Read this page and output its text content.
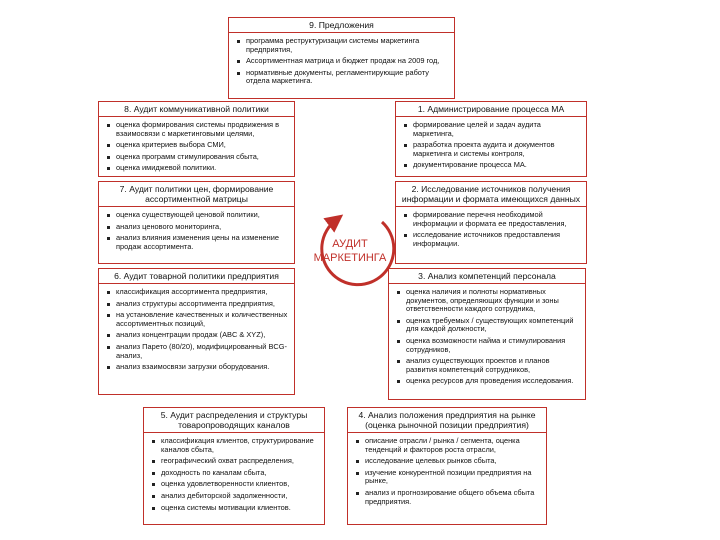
АУДИТ
МАРКЕТИНГА
9. Предложения
программа реструктуризации системы маркетинга предприятия,
Ассортиментная матрица и бюджет продаж на 2009 год,
нормативные документы, регламентирующие работу отдела маркетинга.
8. Аудит коммуникативной политики
оценка формирования системы продвижения в взаимосвязи с маркетинговыми целями,
оценка критериев выбора СМИ,
оценка программ стимулирования сбыта,
оценка имиджевой политики.
1. Администрирование процесса МА
формирование целей и задач аудита маркетинга,
разработка проекта аудита и документов маркетинга и системы контроля,
документирование процесса МА.
7. Аудит политики цен, формирование ассортиментной матрицы
оценка существующей ценовой политики,
анализ ценового мониторинга,
анализ влияния изменения цены на изменение продаж ассортимента.
2. Исследование источников получения информации и формата имеющихся данных
формирование перечня необходимой информации и формата ее предоставления,
исследование источников предоставления информации.
6. Аудит товарной политики предприятия
классификация ассортимента предприятия,
анализ структуры ассортимента предприятия,
на установление качественных и количественных ассортиментных позиций,
анализ концентрации продаж (ABC & XYZ),
анализ Парето (80/20), модифицированный BCG-анализ,
анализ взаимосвязи загрузки оборудования.
3. Анализ компетенций персонала
оценка наличия и полноты нормативных документов, определяющих функции и зоны ответственности каждого сотрудника,
оценка требуемых / существующих компетенций для каждой должности,
оценка возможности найма и стимулирования сотрудников,
анализ существующих проектов и планов развития компетенций сотрудников,
оценка ресурсов для проведения исследования.
5. Аудит распределения и структуры товаропроводящих каналов
классификация клиентов, структурирование каналов сбыта,
географический охват распределения,
доходность по каналам сбыта,
оценка удовлетворенности клиентов,
анализ дебиторской задолженности,
оценка системы мотивации клиентов.
4. Анализ положения предприятия на рынке (оценка рыночной позиции предприятия)
описание отрасли / рынка / сегмента, оценка тенденций и факторов роста отрасли,
исследование целевых рынков сбыта,
изучение конкурентной позиции предприятия на рынке,
анализ и прогнозирование общего объема сбыта предприятия.
